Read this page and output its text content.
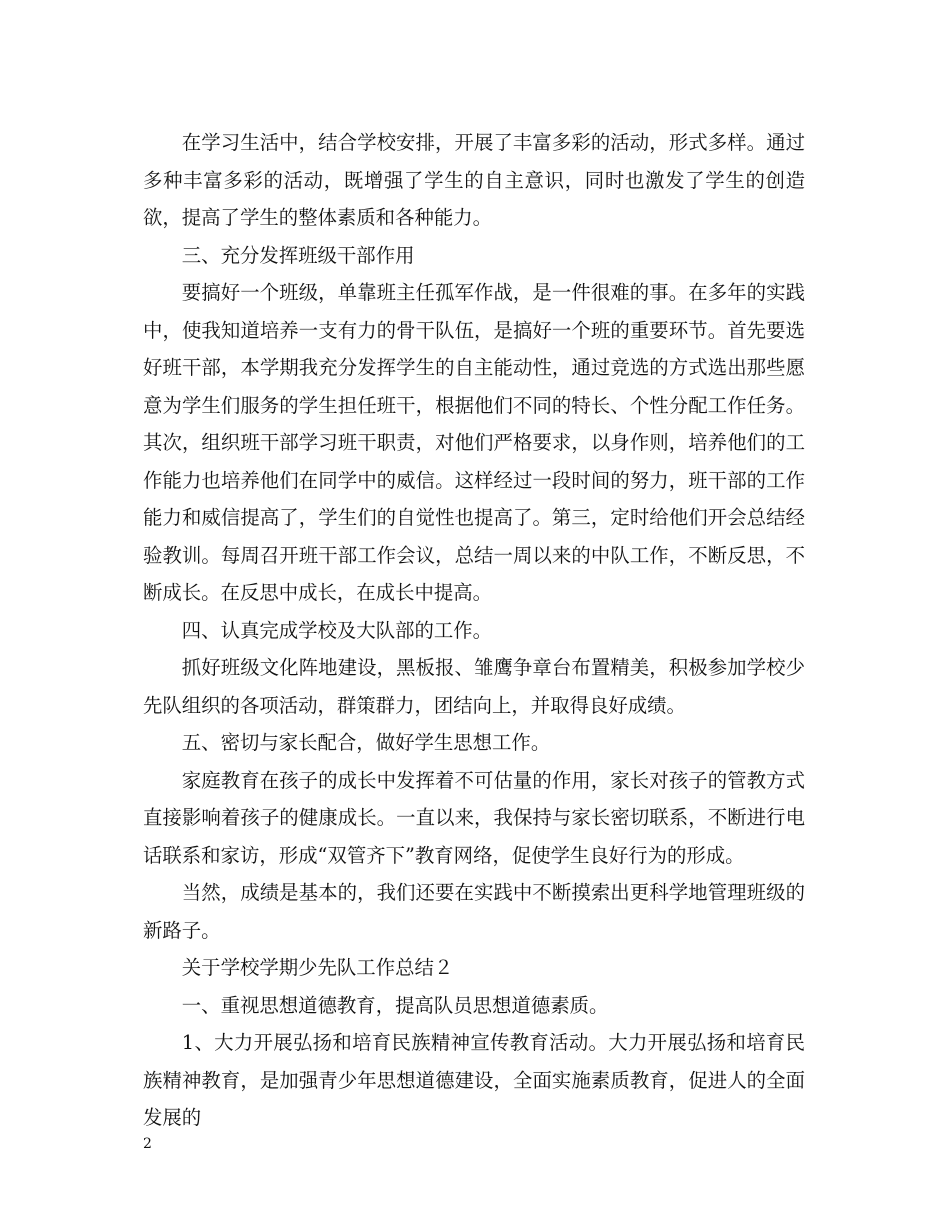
在学习生活中，结合学校安排，开展了丰富多彩的活动，形式多样。通过多种丰富多彩的活动，既增强了学生的自主意识，同时也激发了学生的创造欲，提高了学生的整体素质和各种能力。

三、充分发挥班级干部作用

要搞好一个班级，单靠班主任孤军作战，是一件很难的事。在多年的实践中，使我知道培养一支有力的骨干队伍，是搞好一个班的重要环节。首先要选好班干部，本学期我充分发挥学生的自主能动性，通过竞选的方式选出那些愿意为学生们服务的学生担任班干，根据他们不同的特长、个性分配工作任务。其次，组织班干部学习班干职责，对他们严格要求，以身作则，培养他们的工作能力也培养他们在同学中的威信。这样经过一段时间的努力，班干部的工作能力和威信提高了，学生们的自觉性也提高了。第三，定时给他们开会总结经验教训。每周召开班干部工作会议，总结一周以来的中队工作，不断反思，不断成长。在反思中成长，在成长中提高。

四、认真完成学校及大队部的工作。

抓好班级文化阵地建设，黑板报、雏鹰争章台布置精美，积极参加学校少先队组织的各项活动，群策群力，团结向上，并取得良好成绩。

五、密切与家长配合，做好学生思想工作。

家庭教育在孩子的成长中发挥着不可估量的作用，家长对孩子的管教方式直接影响着孩子的健康成长。一直以来，我保持与家长密切联系，不断进行电话联系和家访，形成“双管齐下”教育网络，促使学生良好行为的形成。

当然，成绩是基本的，我们还要在实践中不断摸索出更科学地管理班级的新路子。

关于学校学期少先队工作总结２

一、重视思想道德教育，提高队员思想道德素质。

1、大力开展弘扬和培育民族精神宣传教育活动。大力开展弘扬和培育民族精神教育，是加强青少年思想道德建设，全面实施素质教育，促进人的全面发展的

2
